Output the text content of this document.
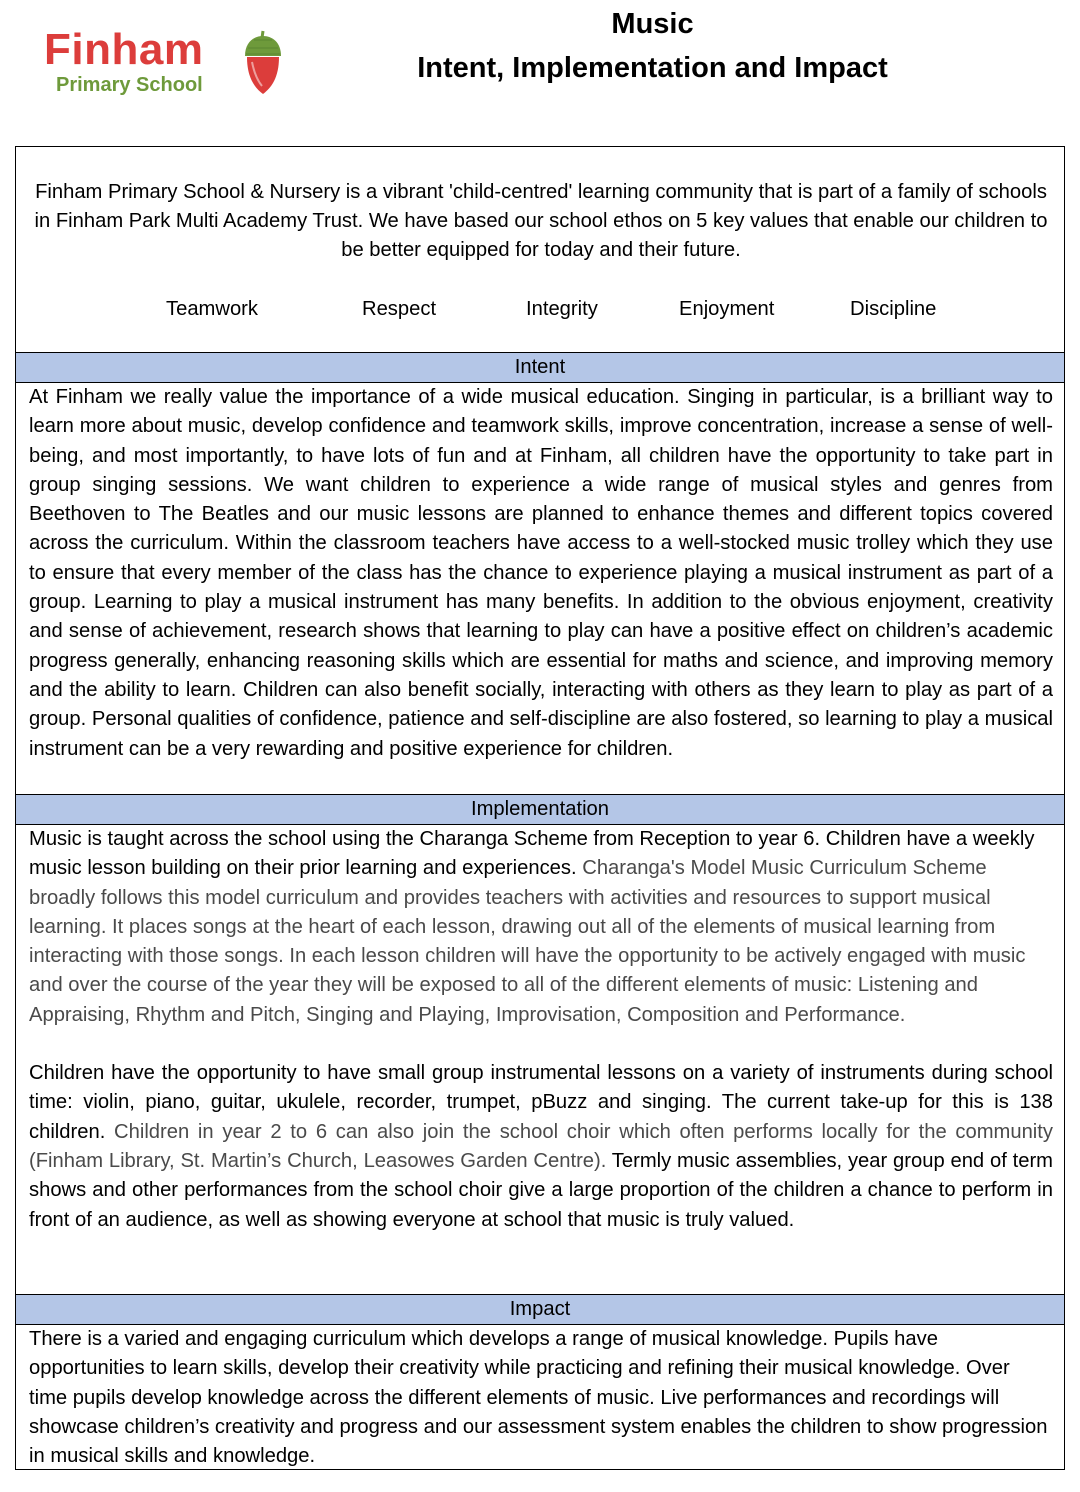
Finham
Primary School
Music
Intent, Implementation and Impact

Finham Primary School & Nursery is a vibrant 'child-centred' learning community that is part of a family of schools in Finham Park Multi Academy Trust. We have based our school ethos on 5 key values that enable our children to be better equipped for today and their future.

Teamwork	Respect	Integrity	Enjoyment	Discipline
Intent
At Finham we really value the importance of a wide musical education. Singing in particular, is a brilliant way to learn more about music, develop confidence and teamwork skills, improve concentration, increase a sense of well-being, and most importantly, to have lots of fun and at Finham, all children have the opportunity to take part in group singing sessions. We want children to experience a wide range of musical styles and genres from Beethoven to The Beatles and our music lessons are planned to enhance themes and different topics covered across the curriculum. Within the classroom teachers have access to a well-stocked music trolley which they use to ensure that every member of the class has the chance to experience playing a musical instrument as part of a group. Learning to play a musical instrument has many benefits. In addition to the obvious enjoyment, creativity and sense of achievement, research shows that learning to play can have a positive effect on children’s academic progress generally, enhancing reasoning skills which are essential for maths and science, and improving memory and the ability to learn. Children can also benefit socially, interacting with others as they learn to play as part of a group. Personal qualities of confidence, patience and self-discipline are also fostered, so learning to play a musical instrument can be a very rewarding and positive experience for children.
Implementation

Music is taught across the school using the Charanga Scheme from Reception to year 6. Children have a weekly music lesson building on their prior learning and experiences. Charanga's Model Music Curriculum Scheme broadly follows this model curriculum and provides teachers with activities and resources to support musical learning. It places songs at the heart of each lesson, drawing out all of the elements of musical learning from interacting with those songs. In each lesson children will have the opportunity to be actively engaged with music and over the course of the year they will be exposed to all of the different elements of music: Listening and Appraising, Rhythm and Pitch, Singing and Playing, Improvisation, Composition and Performance.

Children have the opportunity to have small group instrumental lessons on a variety of instruments during school time: violin, piano, guitar, ukulele, recorder, trumpet, pBuzz and singing. The current take-up for this is 138 children. Children in year 2 to 6 can also join the school choir which often performs locally for the community (Finham Library, St. Martin’s Church, Leasowes Garden Centre). Termly music assemblies, year group end of term shows and other performances from the school choir give a large proportion of the children a chance to perform in front of an audience, as well as showing everyone at school that music is truly valued.

Impact

There is a varied and engaging curriculum which develops a range of musical knowledge. Pupils have opportunities to learn skills, develop their creativity while practicing and refining their musical knowledge. Over time pupils develop knowledge across the different elements of music. Live performances and recordings will showcase children’s creativity and progress and our assessment system enables the children to show progression in musical skills and knowledge.
